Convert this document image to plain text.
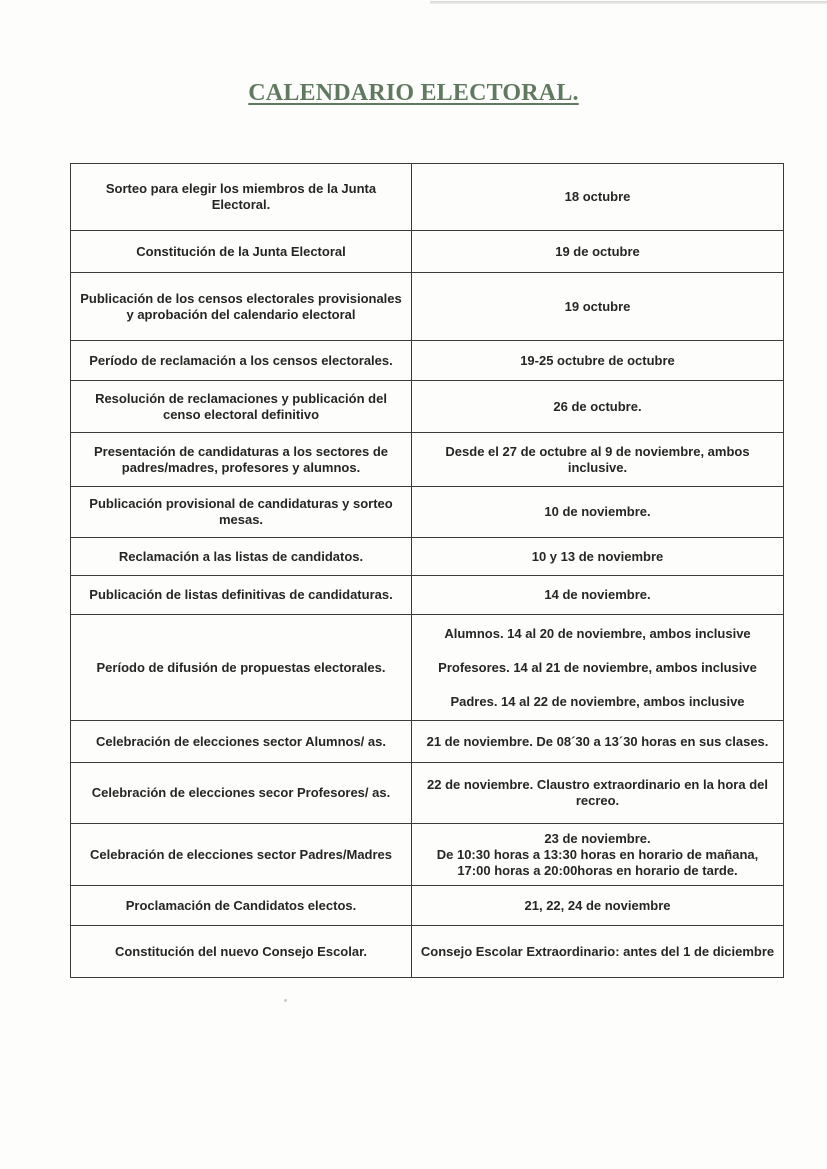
CALENDARIO ELECTORAL.
Sorteo para elegir los miembros de la Junta Electoral.	18 octubre
Constitución de la Junta Electoral	19 de octubre
Publicación de los censos electorales provisionales y aprobación del calendario electoral	19 octubre
Período de reclamación a los censos electorales.	19-25 octubre de octubre
Resolución de reclamaciones y publicación del censo electoral definitivo	26 de octubre.
Presentación de candidaturas a los sectores de padres/madres, profesores y alumnos.	Desde el 27 de octubre al 9 de noviembre, ambos inclusive.
Publicación provisional de candidaturas y sorteo mesas.	10 de noviembre.
Reclamación a las listas de candidatos.	10 y 13 de noviembre
Publicación de listas definitivas de candidaturas.	14 de noviembre.
Período de difusión de propuestas electorales.	Alumnos. 14 al 20 de noviembre, ambos inclusive
Profesores. 14 al 21 de noviembre, ambos inclusive
Padres. 14 al 22 de noviembre, ambos inclusive

Celebración de elecciones sector Alumnos/ as.	21 de noviembre. De 08´30 a 13´30 horas en sus clases.
Celebración de elecciones secor Profesores/ as.	22 de noviembre. Claustro extraordinario en la hora del recreo.
Celebración de elecciones sector Padres/Madres	23 de noviembre.
De 10:30 horas a 13:30 horas en horario de mañana,
17:00 horas a 20:00horas en horario de tarde.

Proclamación de Candidatos electos.	21, 22, 24 de noviembre
Constitución del nuevo Consejo Escolar.	Consejo Escolar Extraordinario: antes del 1 de diciembre
